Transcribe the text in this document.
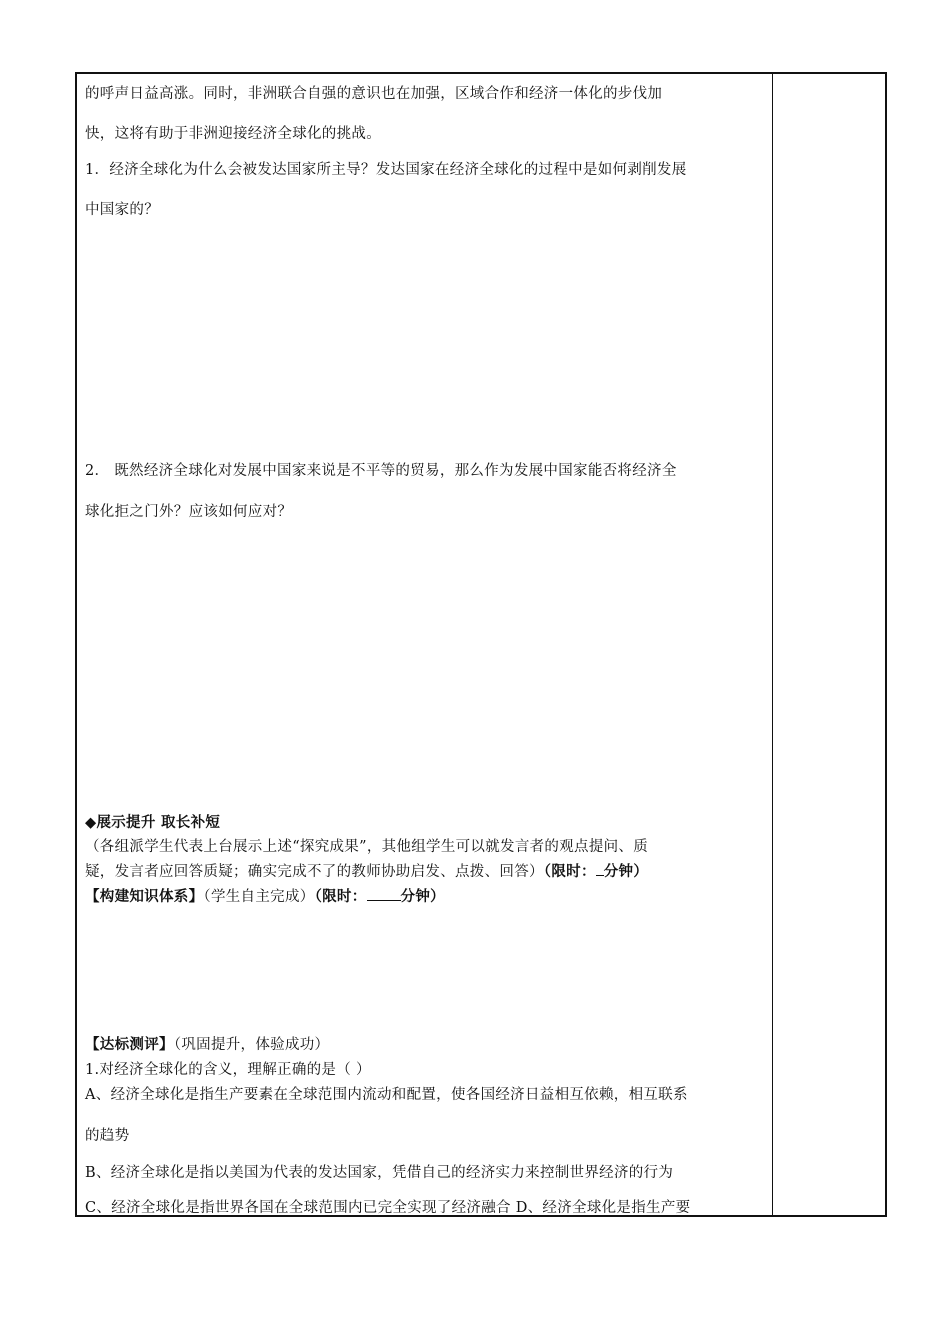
的呼声日益高涨。同时，非洲联合自强的意识也在加强，区域合作和经济一体化的步伐加
快，这将有助于非洲迎接经济全球化的挑战。
1．经济全球化为什么会被发达国家所主导？发达国家在经济全球化的过程中是如何剥削发展
中国家的？
2． 既然经济全球化对发展中国家来说是不平等的贸易，那么作为发展中国家能否将经济全
球化拒之门外？应该如何应对？
◆展示提升 取长补短
（各组派学生代表上台展示上述“探究成果”，其他组学生可以就发言者的观点提问、质
疑，发言者应回答质疑；确实完成不了的教师协助启发、点拨、回答）（限时： 分钟）
【构建知识体系】（学生自主完成）（限时： 分钟）
【达标测评】（巩固提升，体验成功）
1.对经济全球化的含义，理解正确的是（ ）
A、经济全球化是指生产要素在全球范围内流动和配置，使各国经济日益相互依赖，相互联系
的趋势
B、经济全球化是指以美国为代表的发达国家，凭借自己的经济实力来控制世界经济的行为
C、经济全球化是指世界各国在全球范围内已完全实现了经济融合 D、经济全球化是指生产要
